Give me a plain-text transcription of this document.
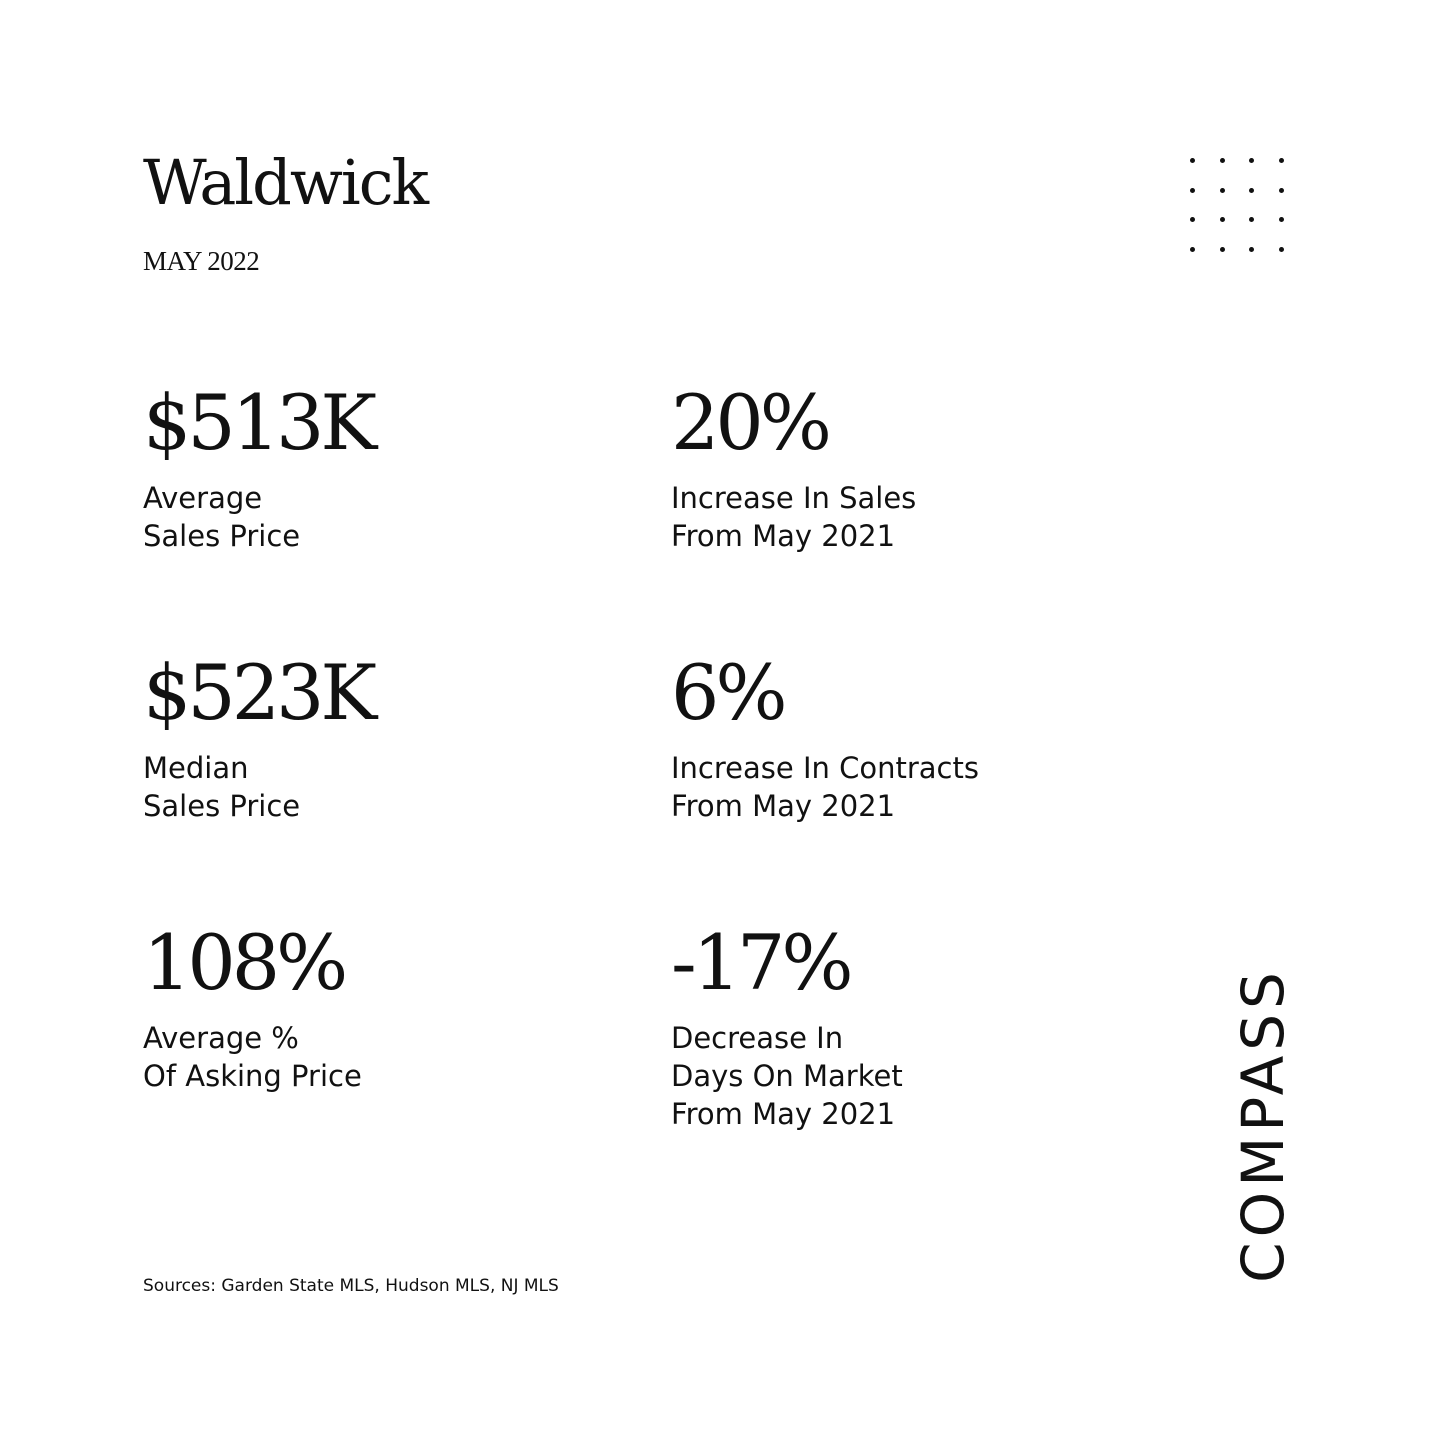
Waldwick

MAY 2022

$513K
Average
Sales Price
20%
Increase In Sales
From May 2021
$523K
Median
Sales Price
6%
Increase In Contracts
From May 2021
108%
Average %
Of Asking Price
-17%
Decrease In
Days On Market
From May 2021

Sources: Garden State MLS, Hudson MLS, NJ MLS

COMPASS
